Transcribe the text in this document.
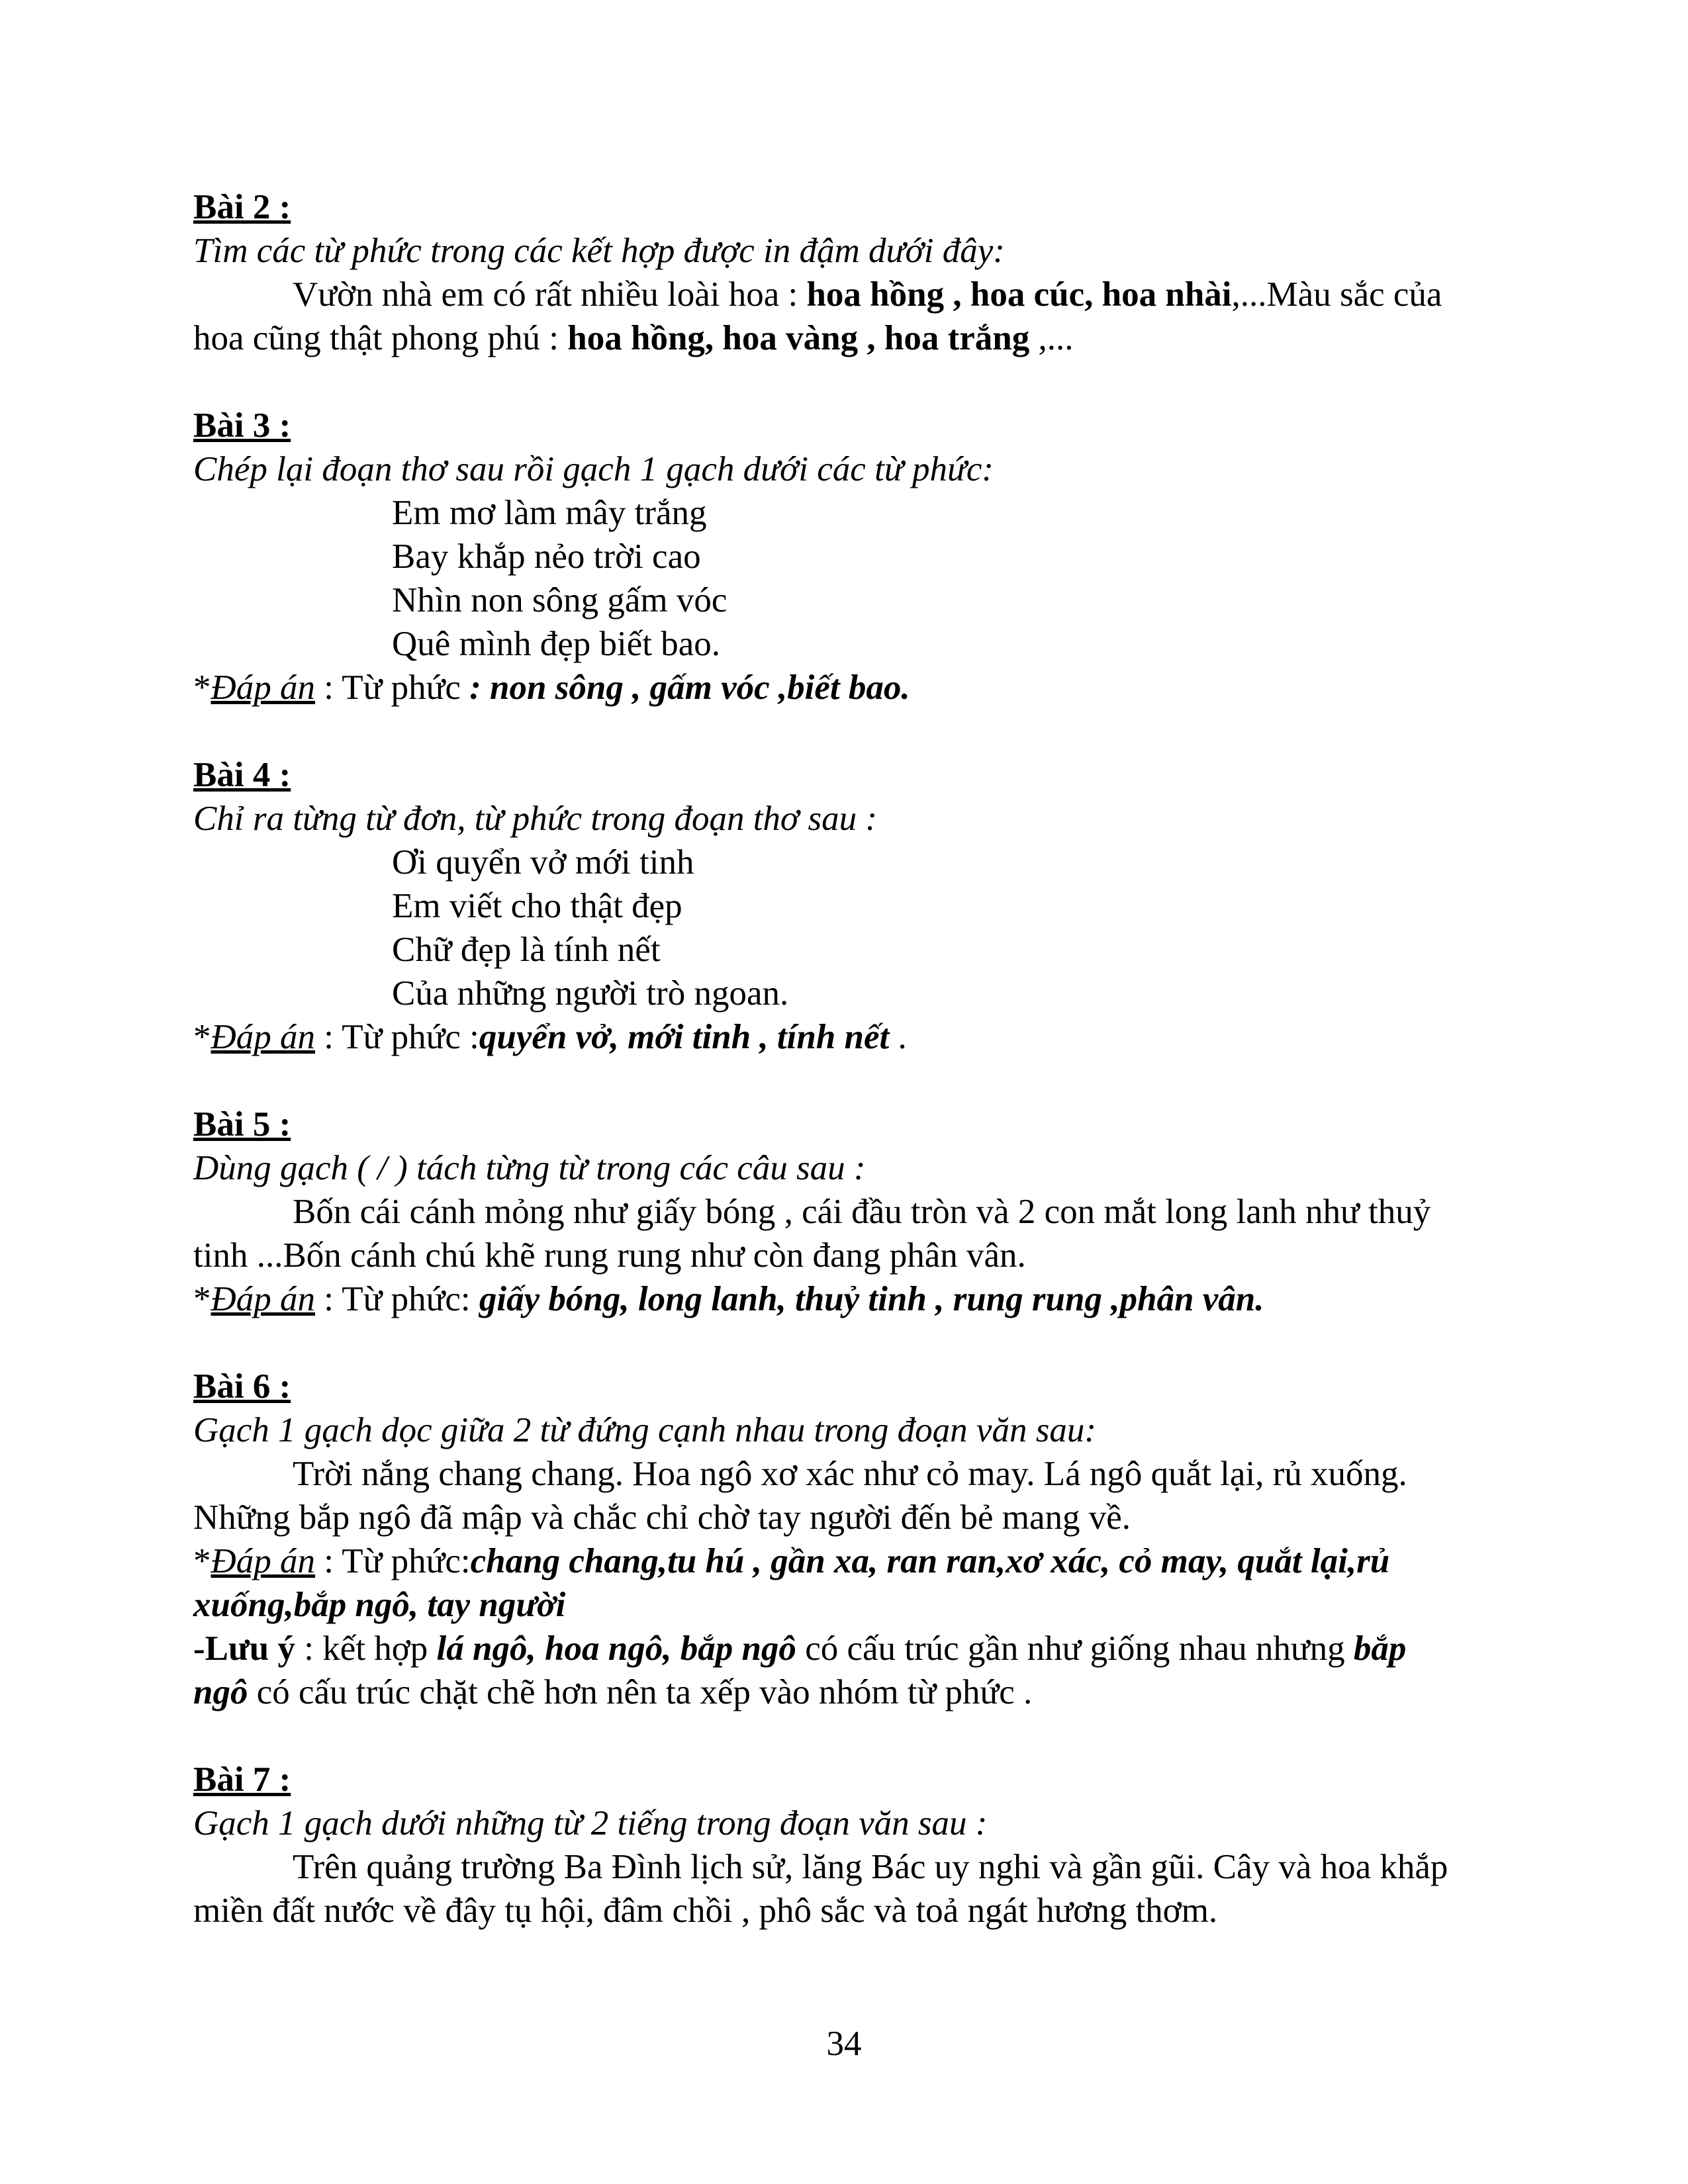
Bài 2 :

Tìm các từ phức trong các kết hợp được in đậm dưới đây:

Vườn nhà em có rất nhiều loài hoa : hoa hồng , hoa cúc, hoa nhài,...Màu sắc của

hoa cũng thật phong phú : hoa hồng, hoa vàng , hoa trắng ,...

Bài 3 :

Chép lại đoạn thơ sau rồi gạch 1 gạch dưới các từ phức:

Em mơ làm mây trắng

Bay khắp nẻo trời cao

Nhìn non sông gấm vóc

Quê mình đẹp biết bao.

*Đáp án : Từ phức : non sông , gấm vóc ,biết bao.

Bài 4 :

Chỉ ra từng từ đơn, từ phức trong đoạn thơ sau :

Ơi quyển vở mới tinh

Em viết cho thật đẹp

Chữ đẹp là tính nết

Của những người trò ngoan.

*Đáp án : Từ phức :quyển vở, mới tinh , tính nết .

Bài 5 :

Dùng gạch ( / ) tách từng từ trong các câu sau :

Bốn cái cánh mỏng như giấy bóng , cái đầu tròn và 2 con mắt long lanh như thuỷ

tinh ...Bốn cánh chú khẽ rung rung như còn đang phân vân.

*Đáp án : Từ phức: giấy bóng, long lanh, thuỷ tinh , rung rung ,phân vân.

Bài 6 :

Gạch 1 gạch dọc giữa 2 từ đứng cạnh nhau trong đoạn văn sau:

Trời nắng chang chang. Hoa ngô xơ xác như cỏ may. Lá ngô quắt lại, rủ xuống.

Những bắp ngô đã mập và chắc chỉ chờ tay người đến bẻ mang về.

*Đáp án : Từ phức:chang chang,tu hú , gần xa, ran ran,xơ xác, cỏ may, quắt lại,rủ

xuống,bắp ngô, tay người

-Lưu ý : kết hợp lá ngô, hoa ngô, bắp ngô có cấu trúc gần như giống nhau nhưng bắp

ngô có cấu trúc chặt chẽ hơn nên ta xếp vào nhóm từ phức .

Bài 7 :

Gạch 1 gạch dưới những từ 2 tiếng trong đoạn văn sau :

Trên quảng trường Ba Đình lịch sử, lăng Bác uy nghi và gần gũi. Cây và hoa khắp

miền đất nước về đây tụ hội, đâm chồi , phô sắc và toả ngát hương thơm.

34
